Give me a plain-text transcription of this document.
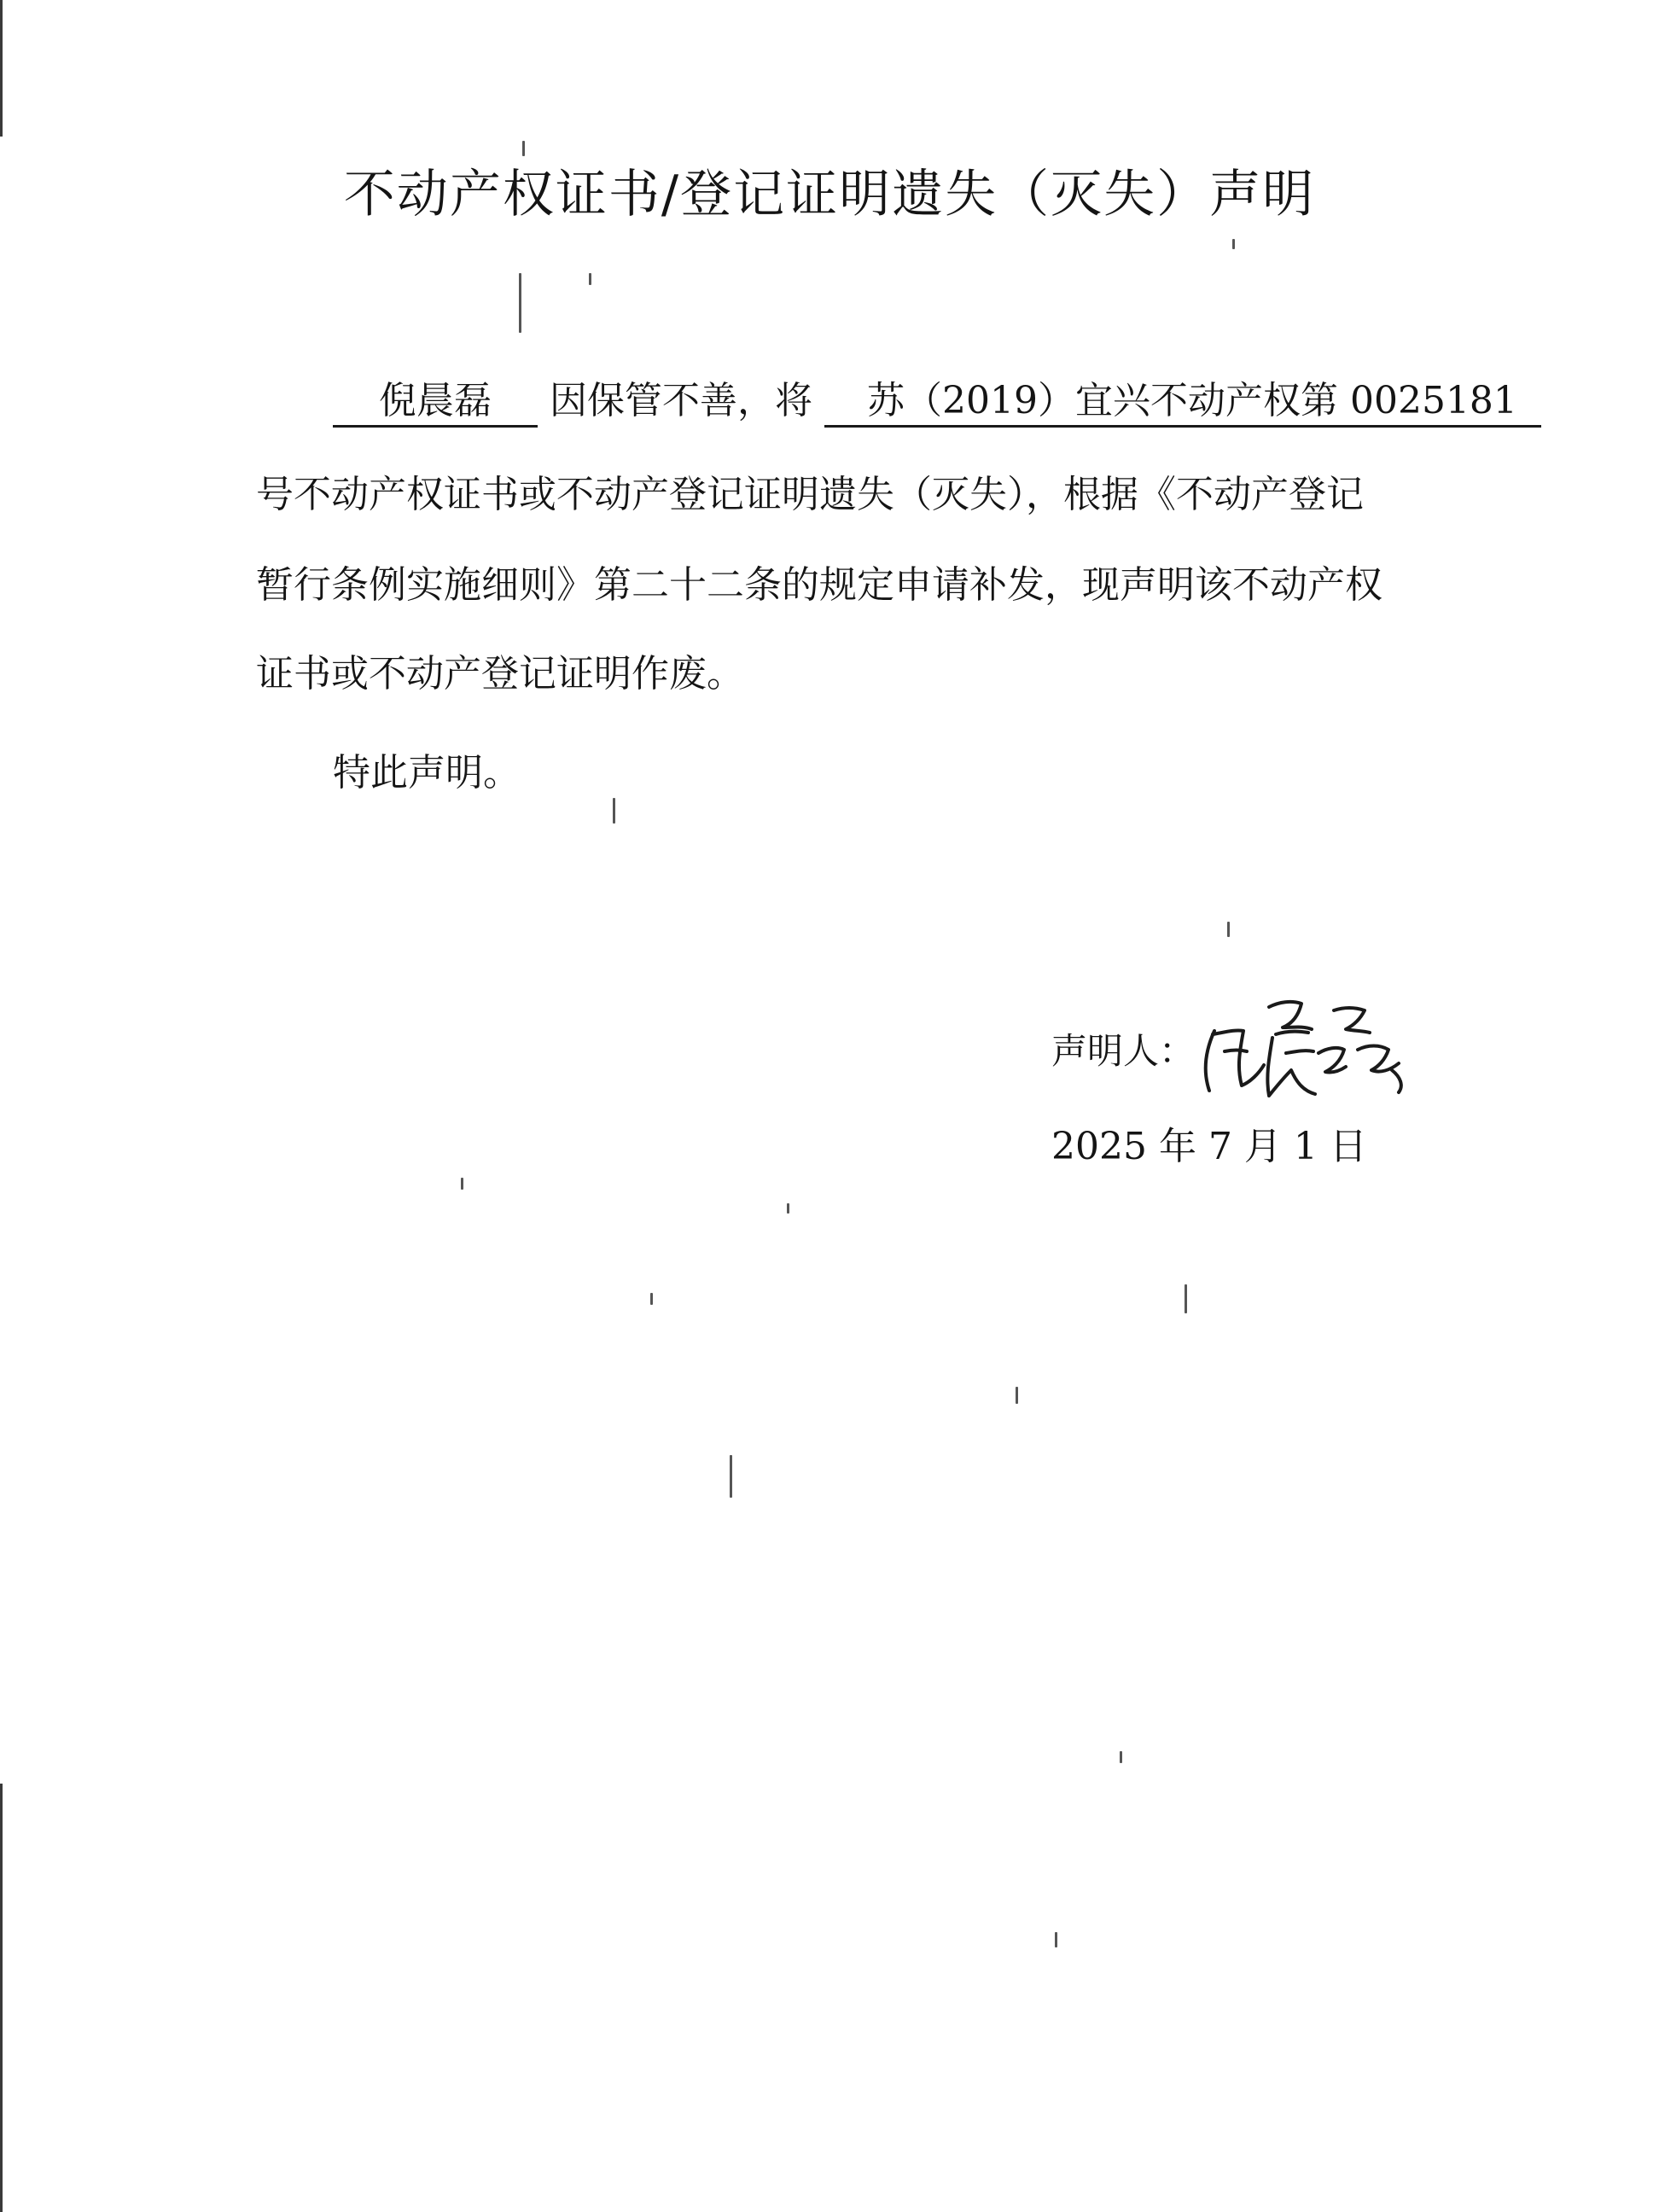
不动产权证书/登记证明遗失（灭失）声明
倪晨磊 因保管不善，将 苏（2019）宜兴不动产权第 0025181
号不动产权证书或不动产登记证明遗失（灭失），根据《不动产登记
暂行条例实施细则》第二十二条的规定申请补发，现声明该不动产权
证书或不动产登记证明作废。
特此声明。
声明人：
2025 年 7 月 1 日
